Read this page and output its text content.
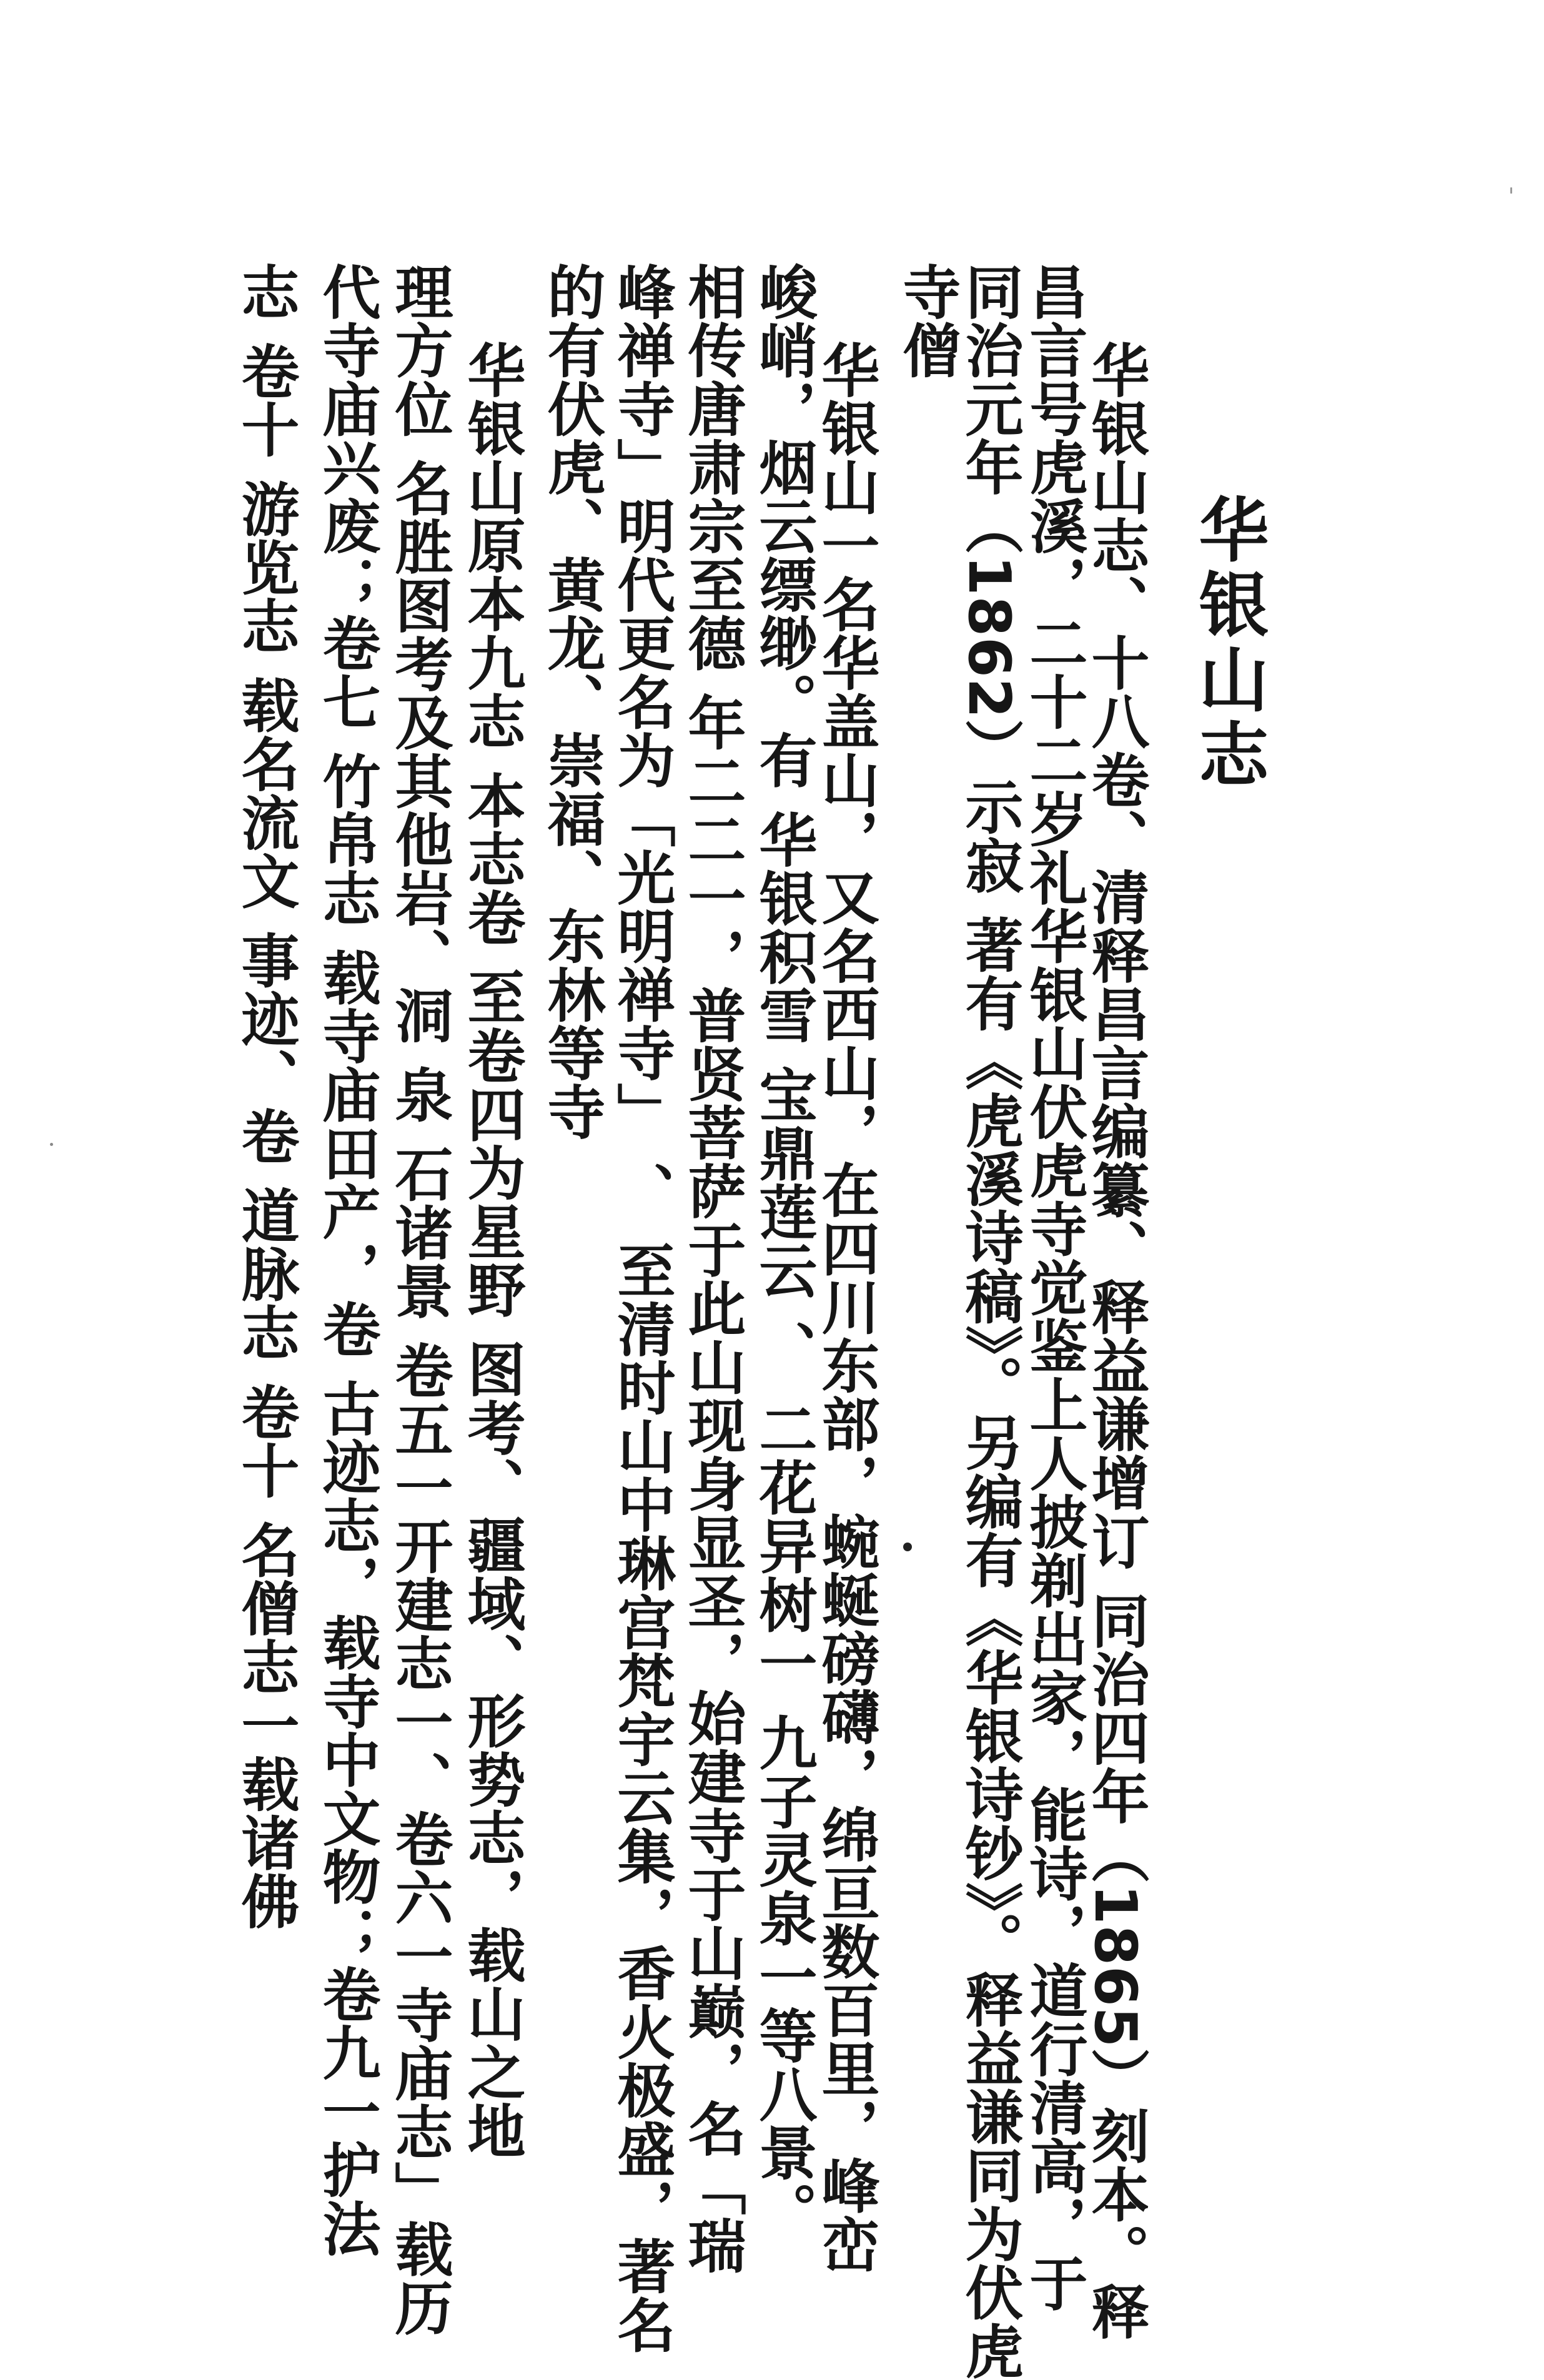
华银山志
华银山志、十八卷、清释昌言编纂、释益谦增订 同治四年（1865）刻本。释
昌言号虎溪，二十二岁礼华银山伏虎寺觉鉴上人披剃出家，能诗，道行清高，于
同治元年（1862）示寂 著有《虎溪诗稿》。另编有《华银诗钞》。释益谦同为伏虎
寺僧
华银山一名华盖山，又名西山，在四川东部，蜿蜒磅礴，绵亘数百里，峰峦
峻峭，烟云缥缈。有 华银积雪 宝鼎莲云 、 二花异树一 九子灵泉一等八景。
相传唐肃宗至德 年二二一，普贤菩萨于此山现身显圣，始建寺于山巅，名「瑞
峰禅寺」明代更名为「光明禅寺」 、 至清时山中琳宫梵宇云集，香火极盛，著名
的有伏虎、黄龙、崇福、东林等寺
华银山原本九志 本志卷 至卷四为星野 图考、疆域、形势志，载山之地
理方位 名胜图考及其他岩、洞 泉 石诸景 卷五一开建志一、卷六一寺庙志」载历
代寺庙兴废；卷七 竹帛志 载寺庙田产，卷 古迹志，载寺中文物；卷九一护法
志 卷十 游览志 载名流文 事迹、卷 道脉志 卷十 名僧志一载诸佛
